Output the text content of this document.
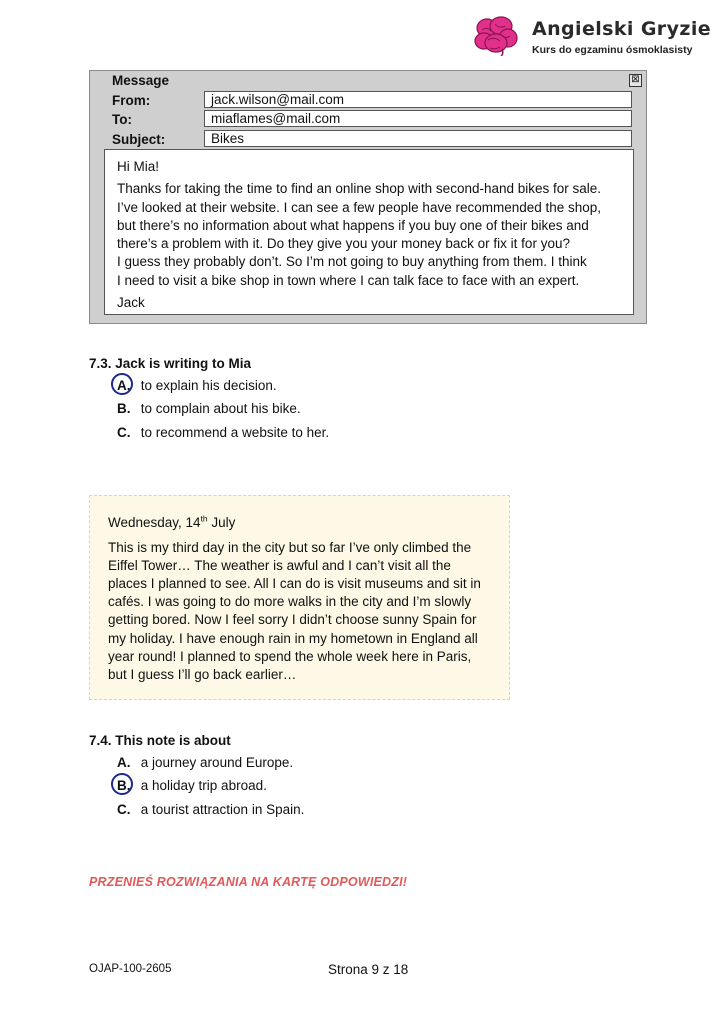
Angielski Gryzie
Kurs do egzaminu ósmoklasisty
Message	⊠
From:	jack.wilson@mail.com
To:	miaflames@mail.com
Subject:	Bikes

Hi Mia!

Thanks for taking the time to find an online shop with second-hand bikes for sale.

I’ve looked at their website. I can see a few people have recommended the shop,

but there’s no information about what happens if you buy one of their bikes and

there’s a problem with it. Do they give you your money back or fix it for you?

I guess they probably don’t. So I’m not going to buy anything from them. I think

I need to visit a bike shop in town where I can talk face to face with an expert.

Jack

7.3. Jack is writing to Mia
A. to explain his decision.
B. to complain about his bike.
C. to recommend a website to her.

Wednesday, 14th July

This is my third day in the city but so far I’ve only climbed the

Eiffel Tower… The weather is awful and I can’t visit all the

places I planned to see. All I can do is visit museums and sit in

cafés. I was going to do more walks in the city and I’m slowly

getting bored. Now I feel sorry I didn’t choose sunny Spain for

my holiday. I have enough rain in my hometown in England all

year round! I planned to spend the whole week here in Paris,

but I guess I’ll go back earlier…

7.4. This note is about
A. a journey around Europe.
B. a holiday trip abroad.
C. a tourist attraction in Spain.
PRZENIEŚ ROZWIĄZANIA NA KARTĘ ODPOWIEDZI!
OJAP-100-2605	Strona 9 z 18
